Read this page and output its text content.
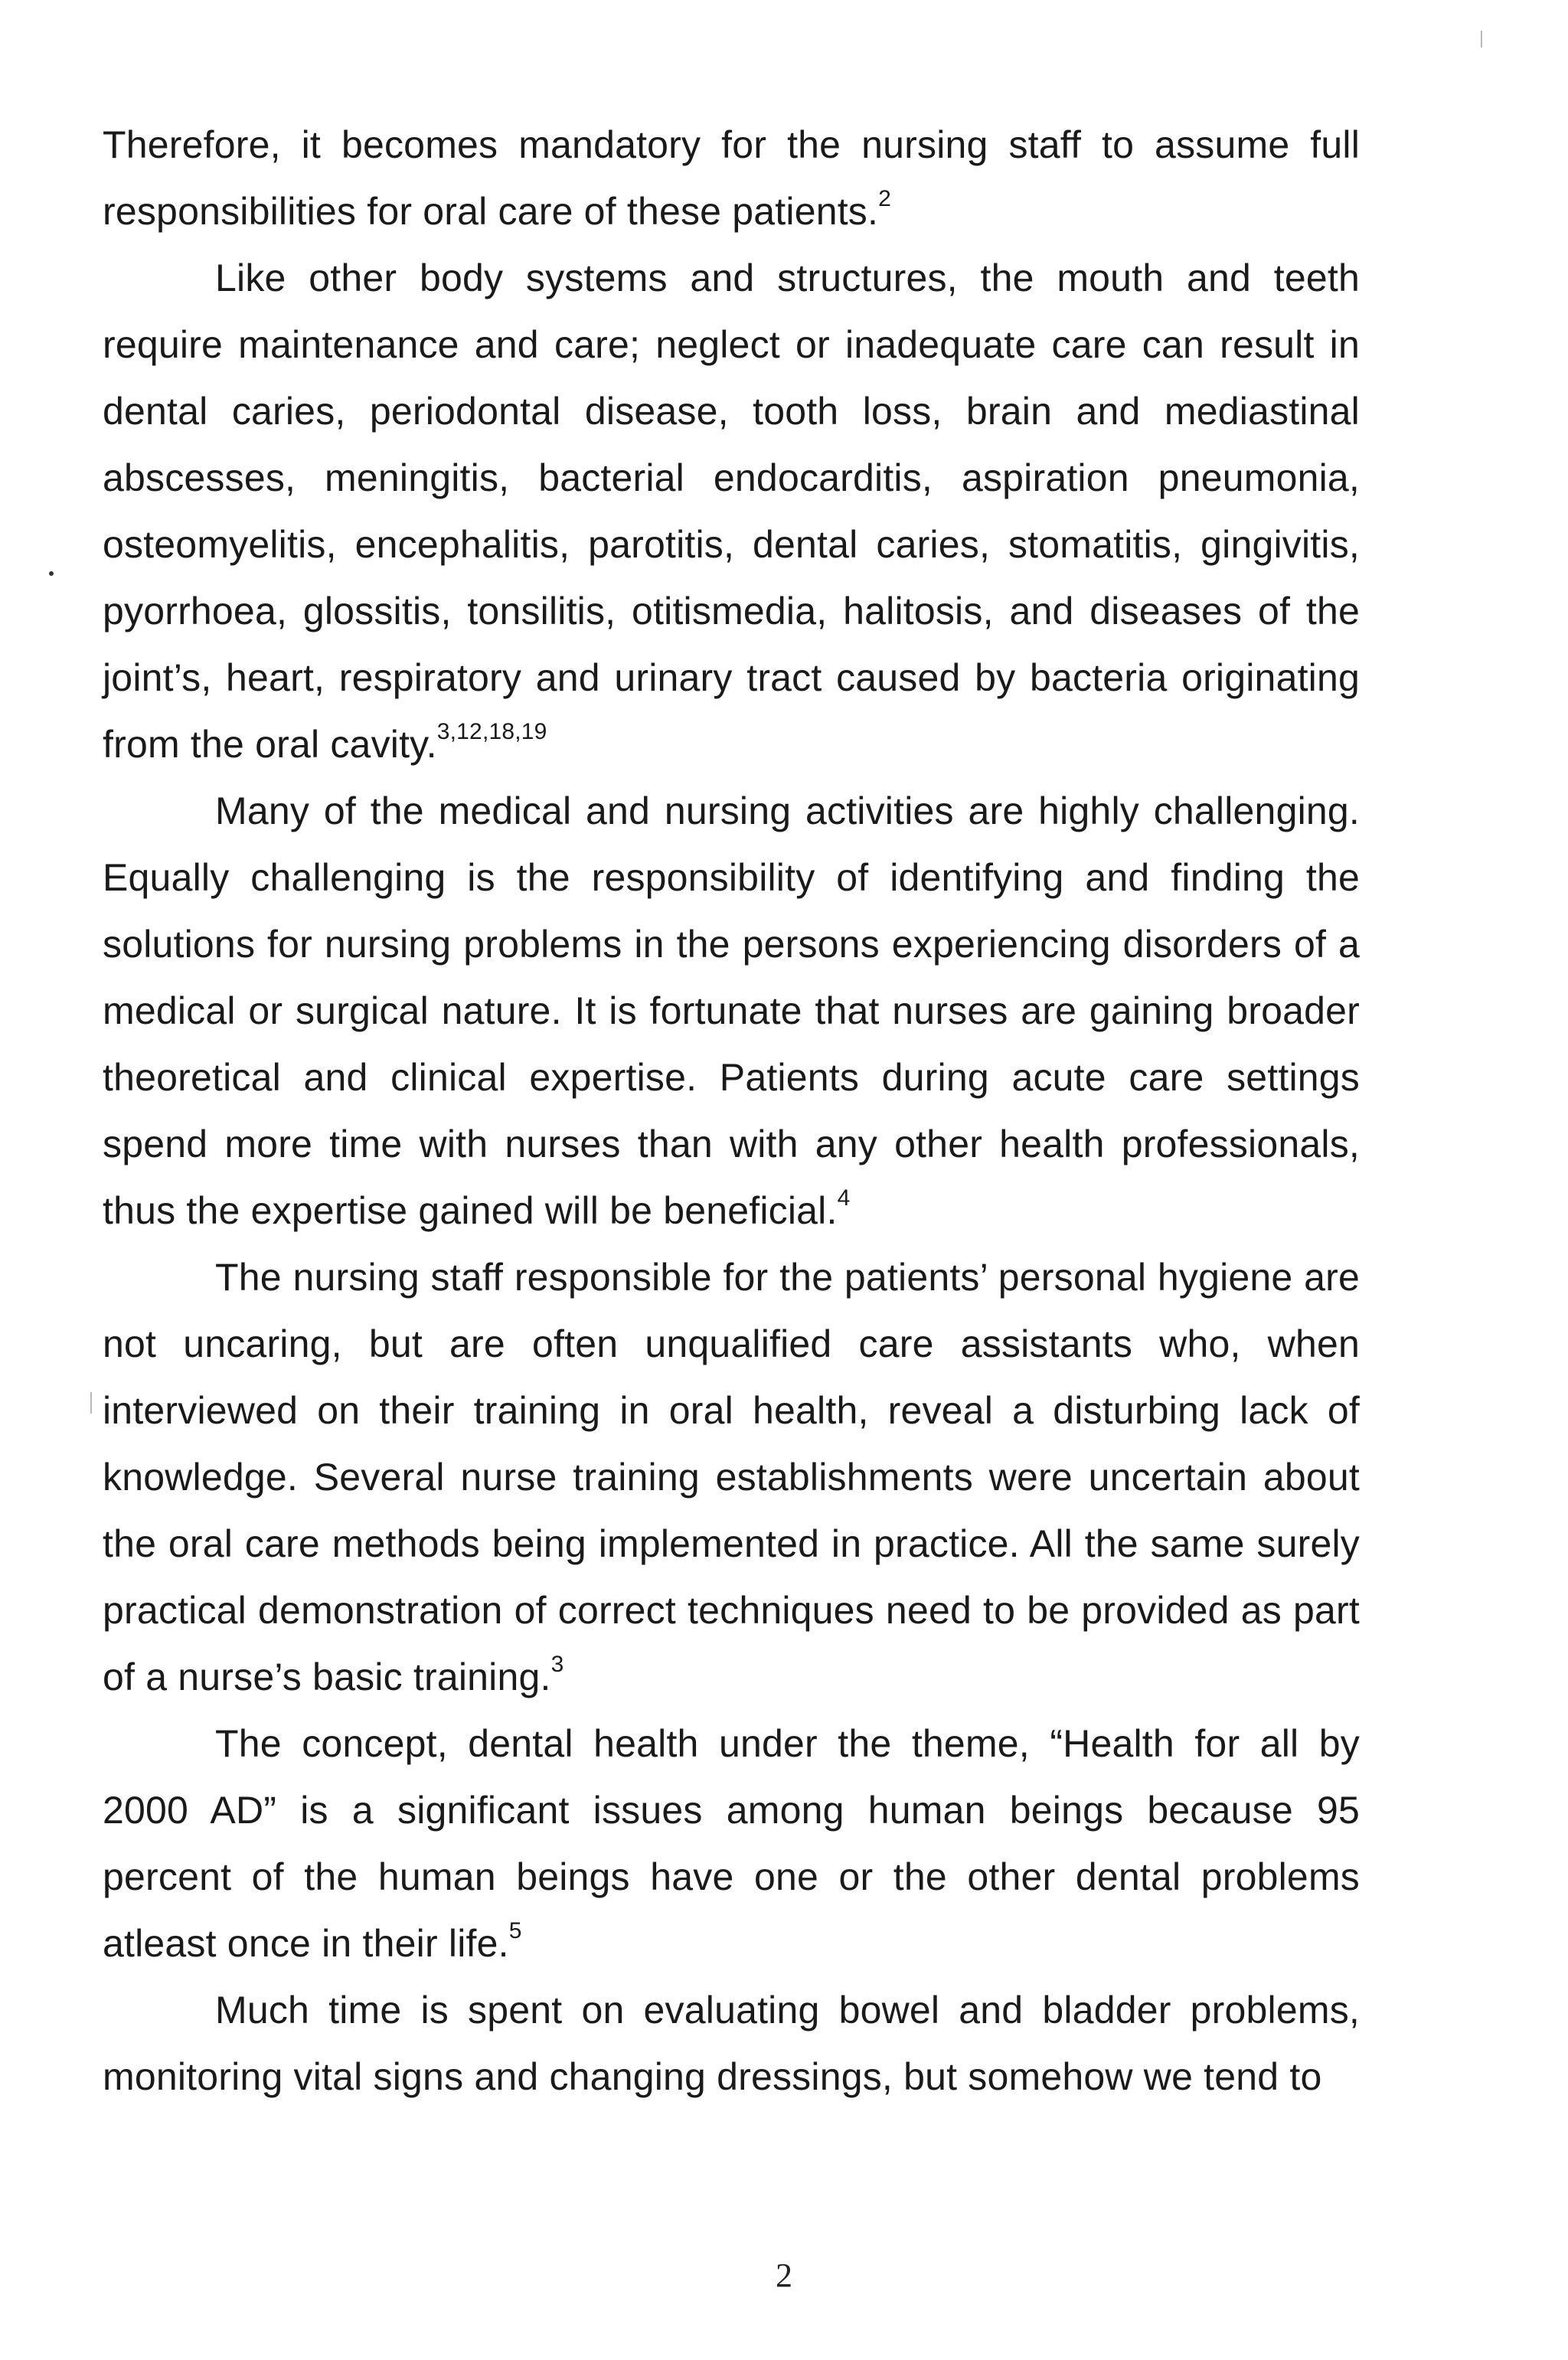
Therefore, it becomes mandatory for the nursing staff to assume full responsibilities for oral care of these patients.$^2$

Like other body systems and structures, the mouth and teeth require maintenance and care; neglect or inadequate care can result in dental caries, periodontal disease, tooth loss, brain and mediastinal abscesses, meningitis, bacterial endocarditis, aspiration pneumonia, osteomyelitis, encephalitis, parotitis, dental caries, stomatitis, gingivitis, pyorrhoea, glossitis, tonsilitis, otitismedia, halitosis, and diseases of the joint’s, heart, respiratory and urinary tract caused by bacteria originating from the oral cavity.$^{3,12,18,19}$

Many of the medical and nursing activities are highly challenging. Equally challenging is the responsibility of identifying and finding the solutions for nursing problems in the persons experiencing disorders of a medical or surgical nature. It is fortunate that nurses are gaining broader theoretical and clinical expertise. Patients during acute care settings spend more time with nurses than with any other health professionals, thus the expertise gained will be beneficial.$^4$

The nursing staff responsible for the patients’ personal hygiene are not uncaring, but are often unqualified care assistants who, when interviewed on their training in oral health, reveal a disturbing lack of knowledge. Several nurse training establishments were uncertain about the oral care methods being implemented in practice. All the same surely practical demonstration of correct techniques need to be provided as part of a nurse’s basic training.$^3$

The concept, dental health under the theme, “Health for all by 2000 AD” is a significant issues among human beings because 95 percent of the human beings have one or the other dental problems atleast once in their life.$^5$

Much time is spent on evaluating bowel and bladder problems, monitoring vital signs and changing dressings, but somehow we tend to

2
